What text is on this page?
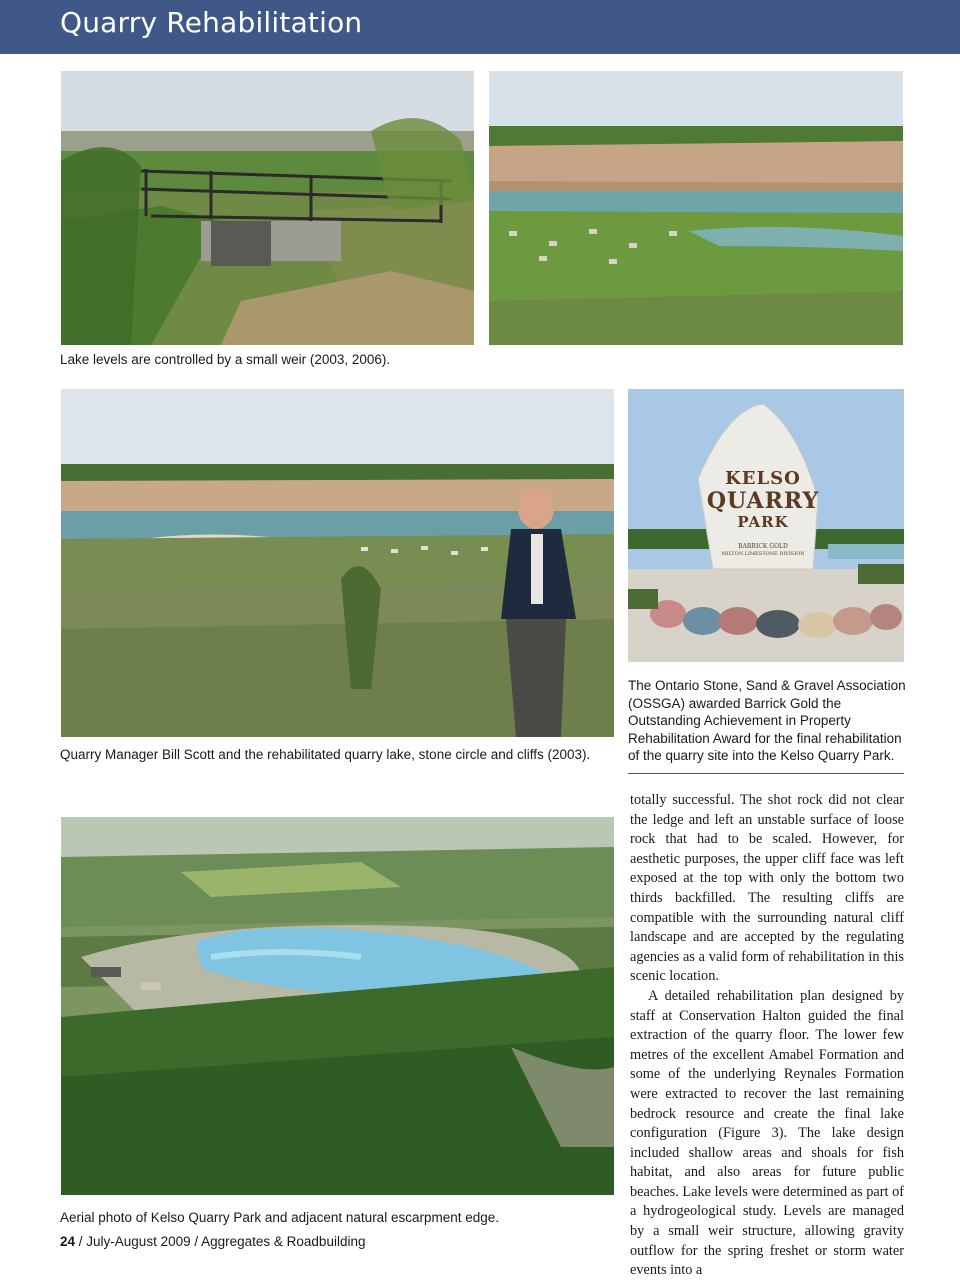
Quarry Rehabilitation
Lake levels are controlled by a small weir (2003, 2006).
Quarry Manager Bill Scott and the rehabilitated quarry lake, stone circle and cliffs (2003).
KELSO
QUARRY
PARK
BARRICK GOLD
MILTON LIMESTONE DIVISION
The Ontario Stone, Sand & Gravel Association (OSSGA) awarded Barrick Gold the Outstanding Achievement in Property Rehabilitation Award for the final rehabilitation of the quarry site into the Kelso Quarry Park.
Aerial photo of Kelso Quarry Park and adjacent natural escarpment edge.

totally successful. The shot rock did not clear the ledge and left an unstable surface of loose rock that had to be scaled. However, for aesthetic purposes, the upper cliff face was left exposed at the top with only the bottom two thirds backfilled. The resulting cliffs are compatible with the surrounding natural cliff landscape and are accepted by the regulating agencies as a valid form of rehabilitation in this scenic location.

A detailed rehabilitation plan designed by staff at Conservation Halton guided the final extraction of the quarry floor. The lower few metres of the excellent Amabel Formation and some of the underlying Reynales Formation were extracted to recover the last remaining bedrock resource and create the final lake configuration (Figure 3). The lake design included shallow areas and shoals for fish habitat, and also areas for future public beaches. Lake levels were determined as part of a hydrogeological study. Levels are managed by a small weir structure, allowing gravity outflow for the spring freshet or storm water events into a

24 / July-August 2009 / Aggregates & Roadbuilding
